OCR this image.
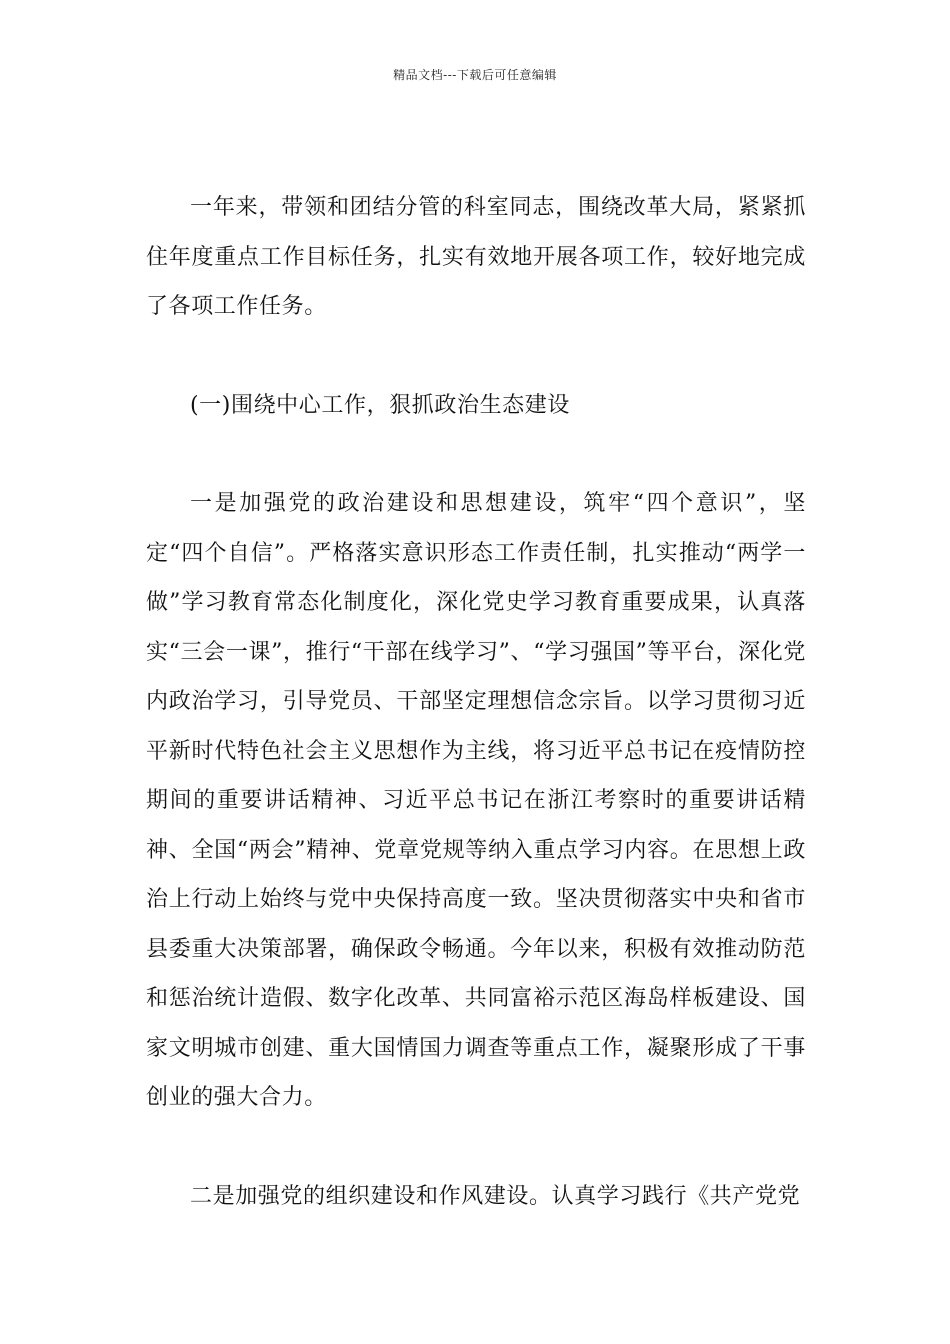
精品文档---下载后可任意编辑

一年来，带领和团结分管的科室同志，围绕改革大局，紧紧抓住年度重点工作目标任务，扎实有效地开展各项工作，较好地完成了各项工作任务。

(一)围绕中心工作，狠抓政治生态建设

一是加强党的政治建设和思想建设，筑牢“四个意识”，坚定“四个自信”。严格落实意识形态工作责任制，扎实推动“两学一做”学习教育常态化制度化，深化党史学习教育重要成果，认真落实“三会一课”，推行“干部在线学习”、“学习强国”等平台，深化党内政治学习，引导党员、干部坚定理想信念宗旨。以学习贯彻习近平新时代特色社会主义思想作为主线，将习近平总书记在疫情防控期间的重要讲话精神、习近平总书记在浙江考察时的重要讲话精神、全国“两会”精神、党章党规等纳入重点学习内容。在思想上政治上行动上始终与党中央保持高度一致。坚决贯彻落实中央和省市县委重大决策部署，确保政令畅通。今年以来，积极有效推动防范和惩治统计造假、数字化改革、共同富裕示范区海岛样板建设、国家文明城市创建、重大国情国力调查等重点工作，凝聚形成了干事创业的强大合力。

二是加强党的组织建设和作风建设。认真学习践行《共产党党
